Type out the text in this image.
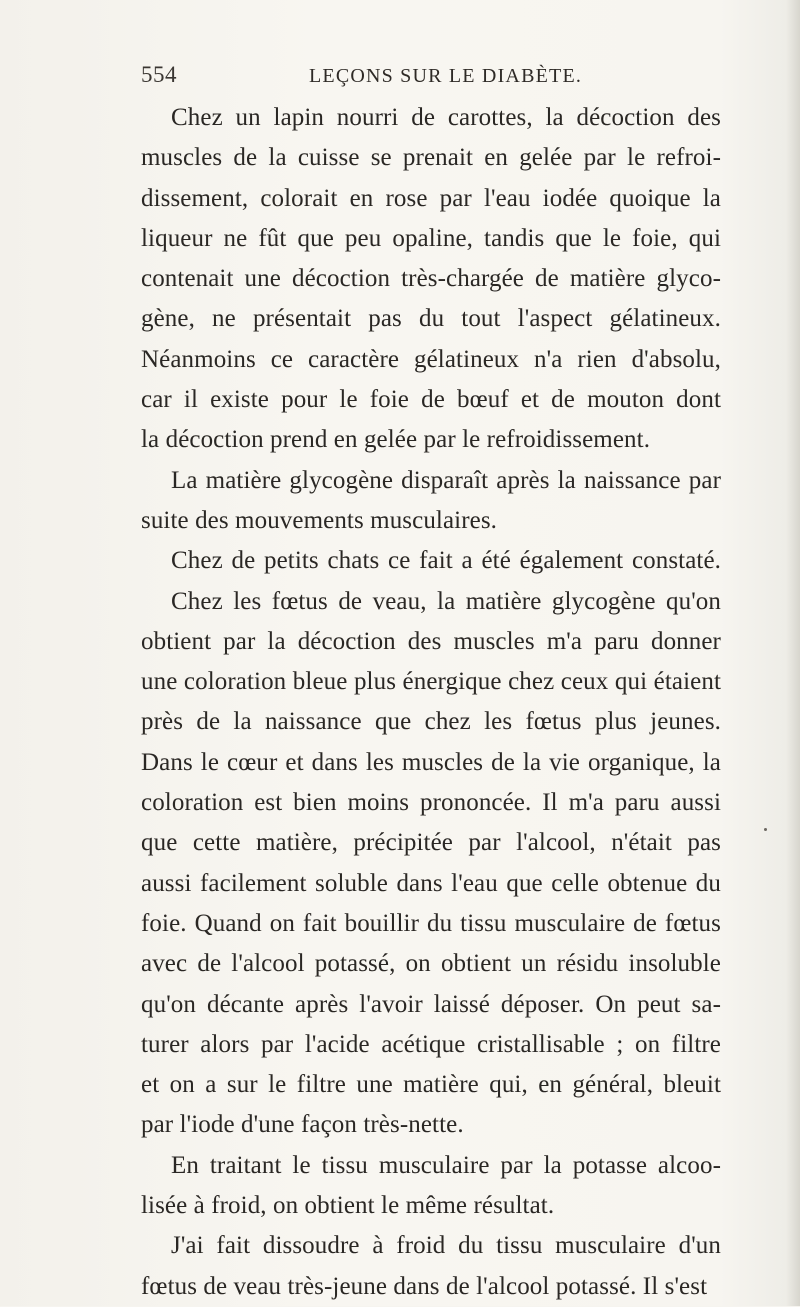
554	LEÇONS SUR LE DIABÈTE.
Chez un lapin nourri de carottes, la décoction des
muscles de la cuisse se prenait en gelée par le refroi-
dissement, colorait en rose par l'eau iodée quoique la
liqueur ne fût que peu opaline, tandis que le foie, qui
contenait une décoction très-chargée de matière glyco-
gène, ne présentait pas du tout l'aspect gélatineux.
Néanmoins ce caractère gélatineux n'a rien d'absolu,
car il existe pour le foie de bœuf et de mouton dont
la décoction prend en gelée par le refroidissement.
La matière glycogène disparaît après la naissance par
suite des mouvements musculaires.
Chez de petits chats ce fait a été également constaté.
Chez les fœtus de veau, la matière glycogène qu'on
obtient par la décoction des muscles m'a paru donner
une coloration bleue plus énergique chez ceux qui étaient
près de la naissance que chez les fœtus plus jeunes.
Dans le cœur et dans les muscles de la vie organique, la
coloration est bien moins prononcée. Il m'a paru aussi
que cette matière, précipitée par l'alcool, n'était pas
aussi facilement soluble dans l'eau que celle obtenue du
foie. Quand on fait bouillir du tissu musculaire de fœtus
avec de l'alcool potassé, on obtient un résidu insoluble
qu'on décante après l'avoir laissé déposer. On peut sa-
turer alors par l'acide acétique cristallisable ; on filtre
et on a sur le filtre une matière qui, en général, bleuit
par l'iode d'une façon très-nette.
En traitant le tissu musculaire par la potasse alcoo-
lisée à froid, on obtient le même résultat.
J'ai fait dissoudre à froid du tissu musculaire d'un
fœtus de veau très-jeune dans de l'alcool potassé. Il s'est
